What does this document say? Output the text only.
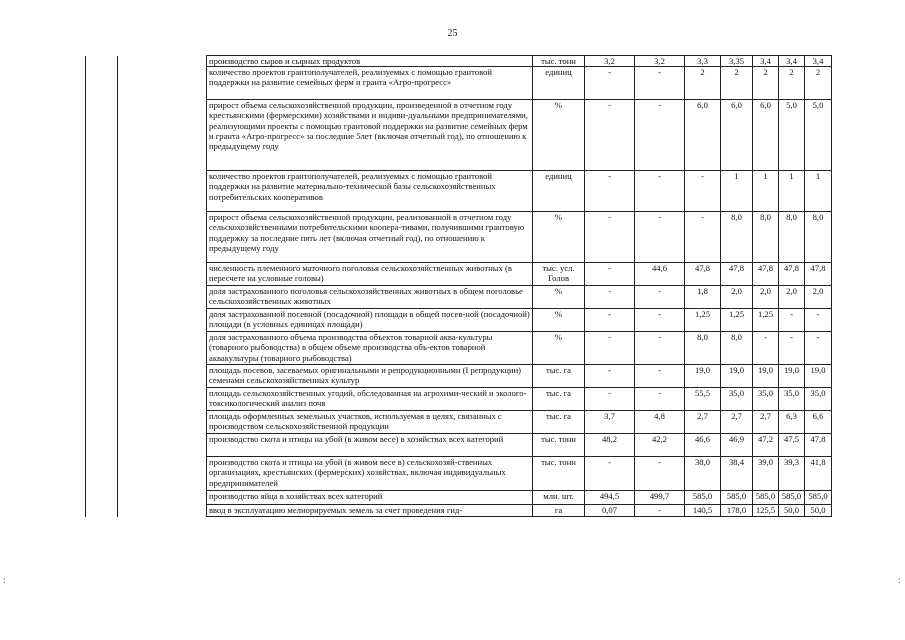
25
		производство сыров и сырных продуктов	тыс. тонн	3,2	3,2	3,3	3,35	3,4	3,4	3,4
		количество проектов грантополучателей, реализуемых с помощью грантовой поддержки на развитие семейных ферм и гранта «Агро-прогресс»	единиц	-	-	2	2	2	2	2
		прирост объема сельскохозяйственной продукции, произведенной в отчетном году крестьянскими (фермерскими) хозяйствами и индиви-дуальными предпринимателями, реализующими проекты с помощью грантовой поддержки на развитие семейных ферм и гранта «Агро-прогресс» за последние 5лет (включая отчетный год), по отношению к предыдущему году	%	-	-	6,0	6,0	6,0	5,0	5,0
		количество проектов грантополучателей, реализуемых с помощью грантовой поддержки на развитие материально-технической базы сельскохозяйственных потребительских кооперативов	единиц	-	-	-	1	1	1	1
		прирост объема сельскохозяйственной продукции, реализованной в отчетном году сельскохозяйственными потребительскими коопера-тивами, получившими грантовую поддержку за последние пять лет (включая отчетный год), по отношению к предыдущему году	%	-	-	-	8,0	8,0	8,0	8,0
		численность племенного маточного поголовья сельскохозяйственных животных (в пересчете на условные головы)	тыс. усл. Голов	-	44,6	47,8	47,8	47,8	47,8	47,8
		доля застрахованного поголовья сельскохозяйственных животных в общем поголовье сельскохозяйственных животных	%	-	-	1,8	2,0	2,0	2,0	2,0
		доля застрахованной посевной (посадочной) площади в общей посев-ной (посадочной) площади (в условных единицах площади)	%	-	-	1,25	1,25	1,25	-	-
		доля застрахованного объема производства объектов товарной аква-культуры (товарного рыбоводства) в общем объеме производства объ-ектов товарной аквакультуры (товарного рыбоводства)	%	-	-	8,0	8,0	-	-	-
		площадь посевов, засеваемых оригинальными и репродукционными (I репродукции) семенами сельскохозяйственных культур	тыс. га	-	-	19,0	19,0	19,0	19,0	19,0
		площадь сельскохозяйственных угодий, обследованная на агрохими-ческий и эколого-токсикологический анализ почв	тыс. га	-	-	55,5	35,0	35,0	35,0	35,0
		площадь оформленных земельных участков, используемая в целях, связанных с производством сельскохозяйственной продукции	тыс. га	3,7	4,8	2,7	2,7	2,7	6,3	6,6
		производство скота и птицы на убой (в живом весе) в хозяйствах всех категорий	тыс. тонн	48,2	42,2	46,6	46,9	47,2	47,5	47,8
		производство скота и птицы на убой (в живом весе в) сельскохозяй-ственных организациях, крестьянских (фермерских) хозяйствах, включая индивидуальных предпринимателей	тыс. тонн	-	-	38,0	38,4	39,0	39,3	41,8
		производство яйца в хозяйствах всех категорий	млн. шт.	494,5	499,7	585,0	585,0	585,0	585,0	585,0
		ввод в эксплуатацию мелиорируемых земель за счет проведения гид-	га	0,07	-	140,5	178,0	125,5	50,0	50,0
:	:
